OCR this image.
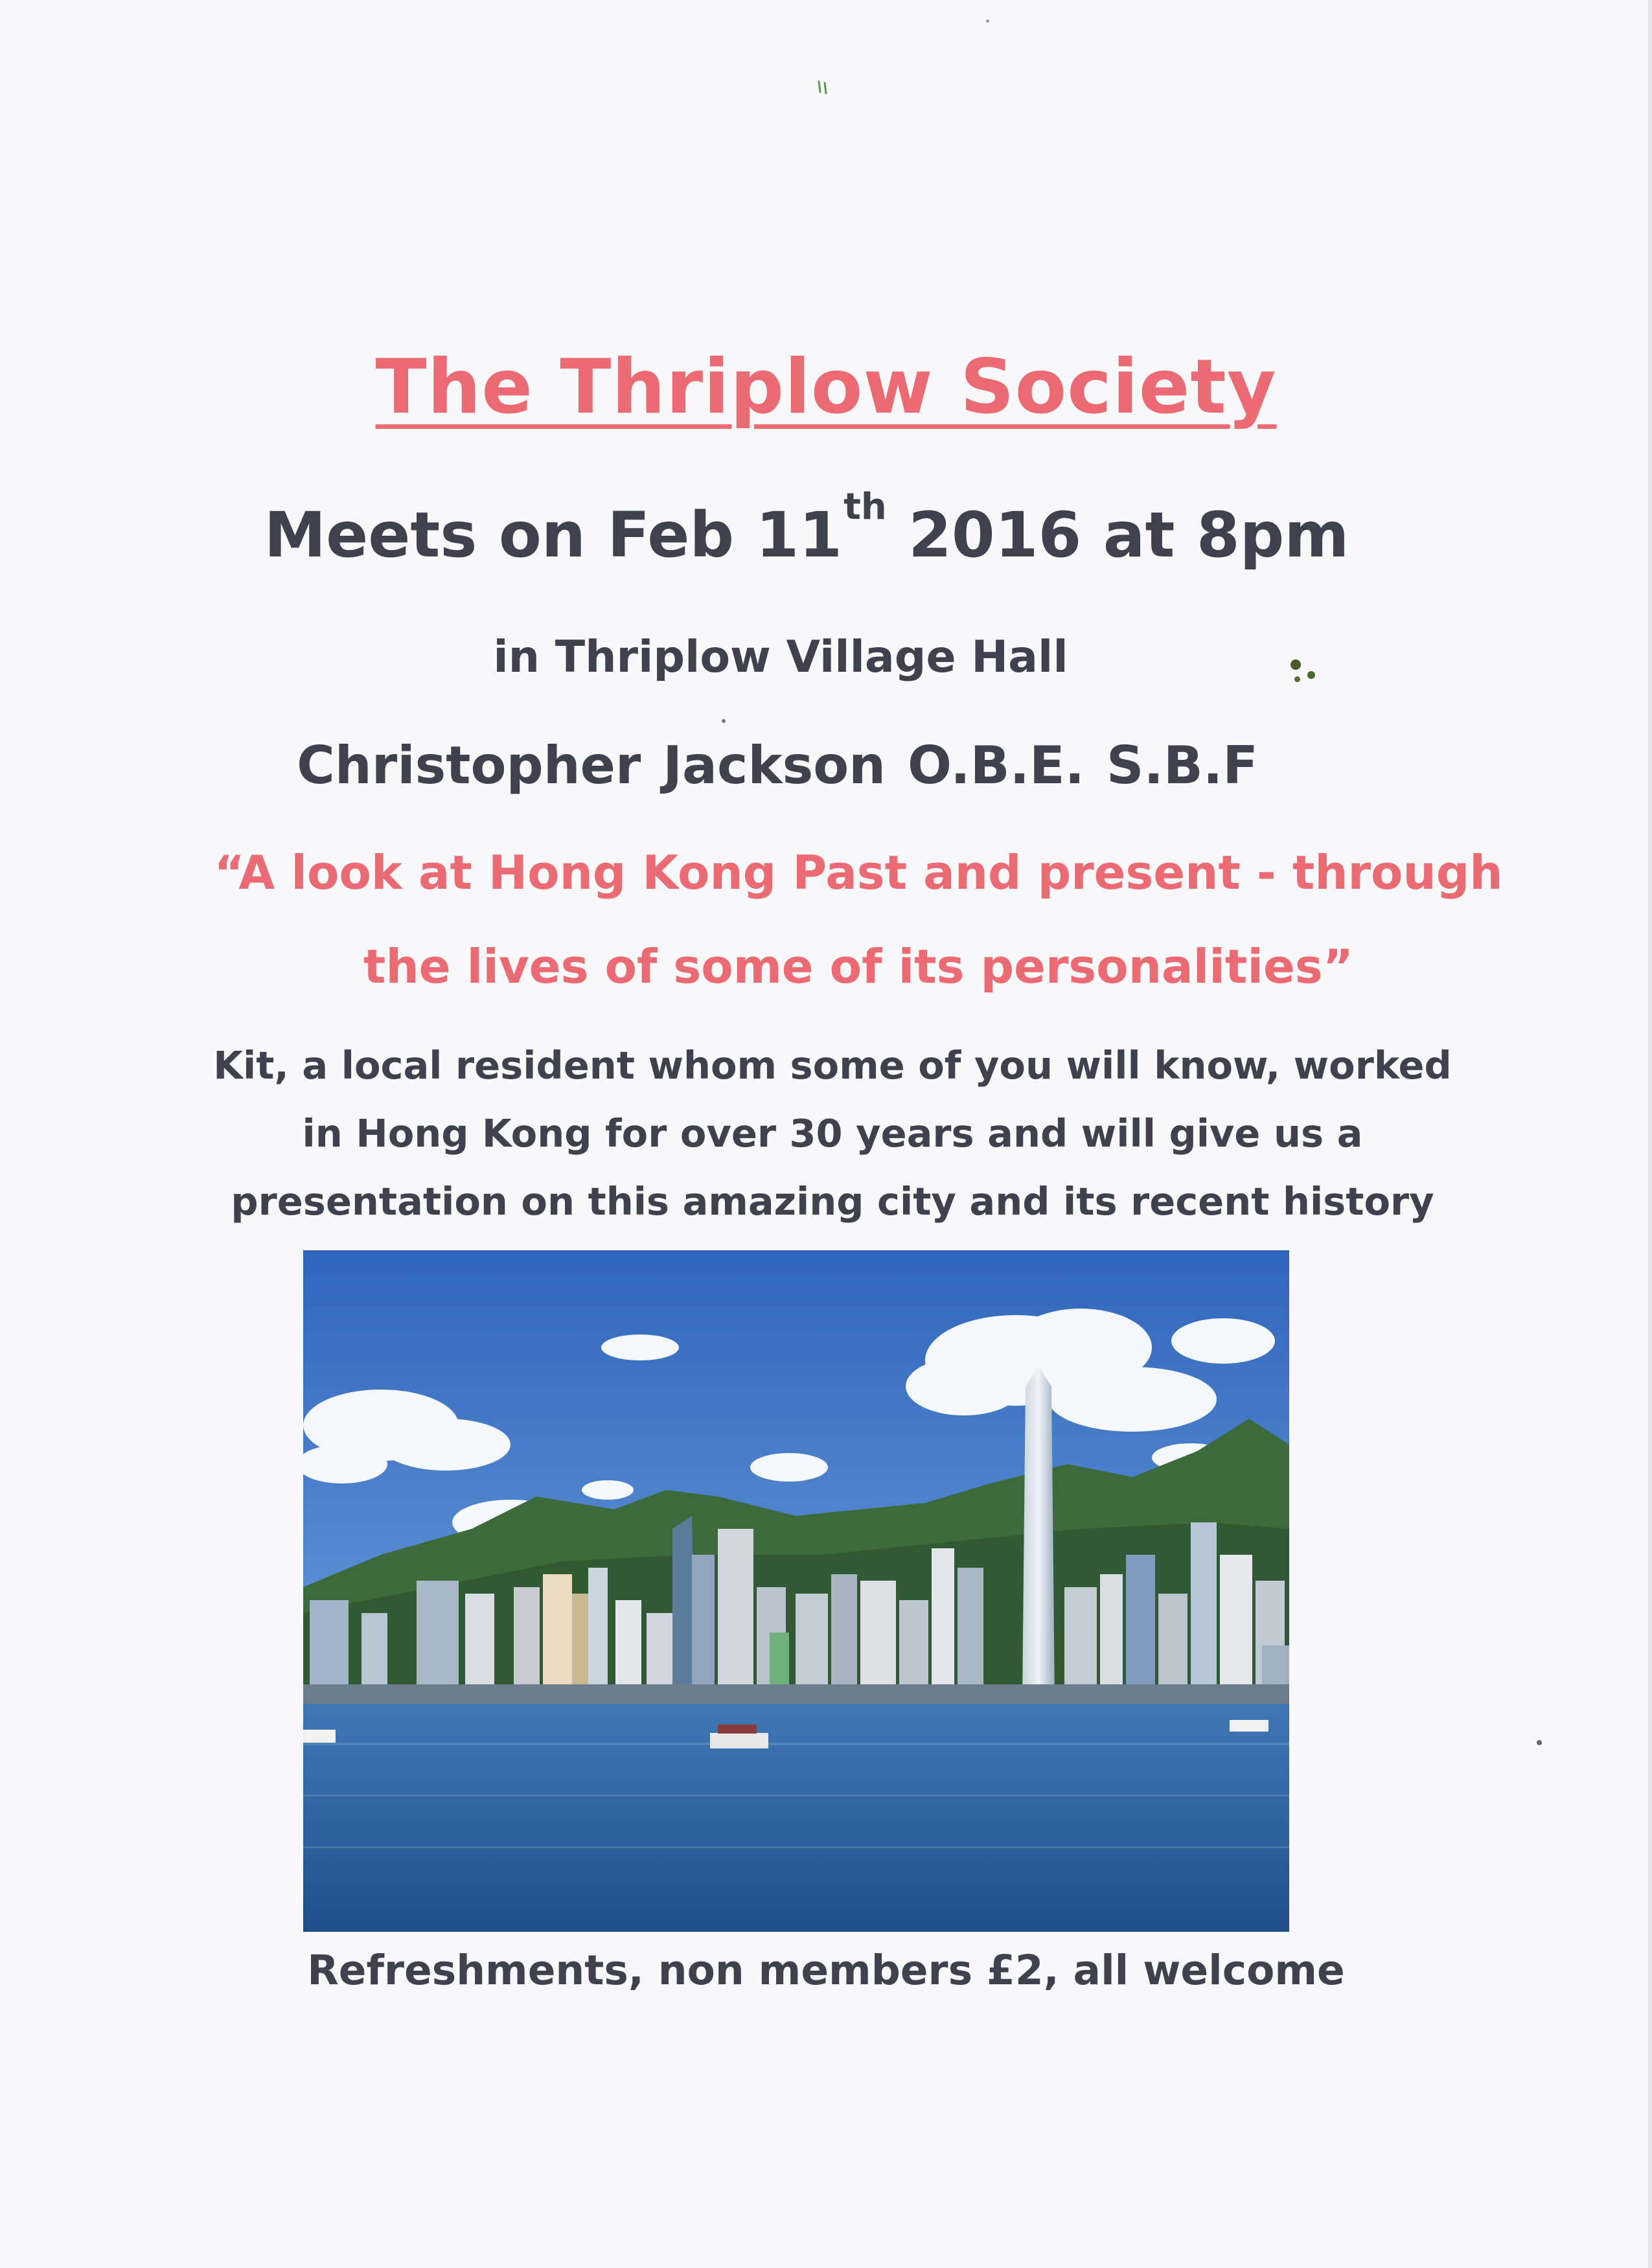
The Thriplow Society
Meets on Feb 11th 2016 at 8pm
in Thriplow Village Hall
Christopher Jackson O.B.E. S.B.F
“A look at Hong Kong Past and present - through
the lives of some of its personalities”
Kit, a local resident whom some of you will know, worked
in Hong Kong for over 30 years and will give us a
presentation on this amazing city and its recent history
Refreshments, non members £2, all welcome
